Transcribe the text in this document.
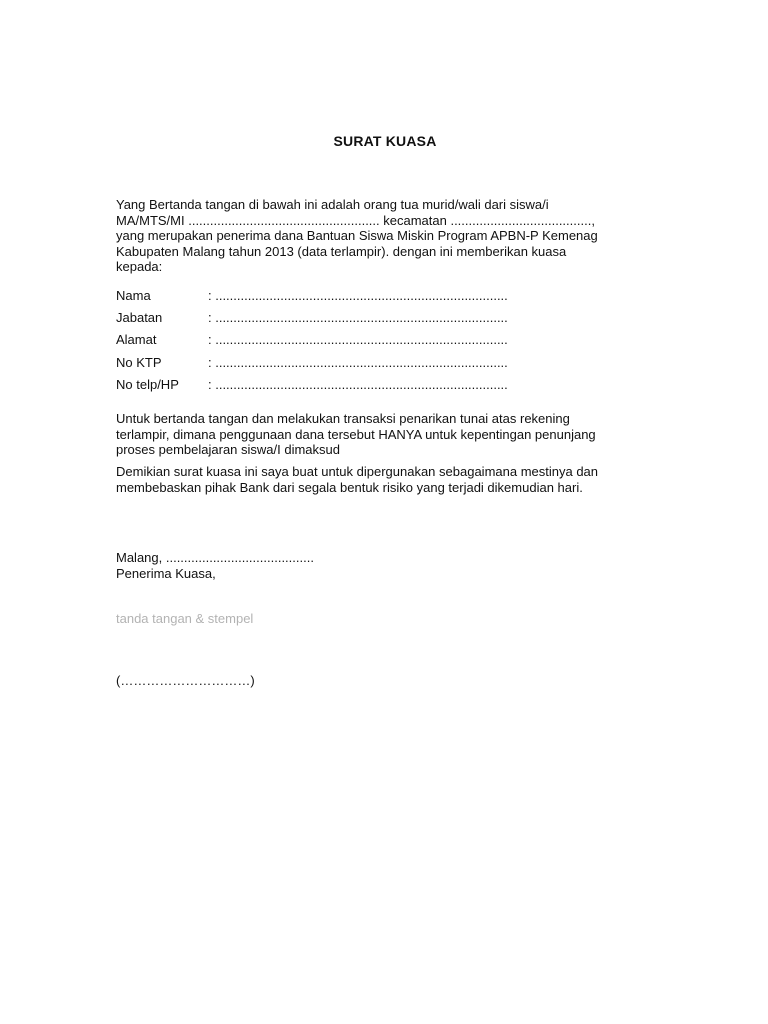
SURAT KUASA
Yang Bertanda tangan di bawah ini adalah orang tua murid/wali dari siswa/i
MA/MTS/MI ..................................................... kecamatan .......................................,
yang merupakan penerima dana Bantuan Siswa Miskin Program APBN-P Kemenag
Kabupaten Malang tahun 2013 (data terlampir). dengan ini memberikan kuasa
kepada:
Nama	: .................................................................................
Jabatan	: .................................................................................
Alamat	: .................................................................................
No KTP	: .................................................................................
No telp/HP	: .................................................................................
Untuk bertanda tangan dan melakukan transaksi penarikan tunai atas rekening
terlampir, dimana penggunaan dana tersebut HANYA untuk kepentingan penunjang
proses pembelajaran siswa/I dimaksud
Demikian surat kuasa ini saya buat untuk dipergunakan sebagaimana mestinya dan
membebaskan pihak Bank dari segala bentuk risiko yang terjadi dikemudian hari.
Malang, .........................................
Penerima Kuasa,
tanda tangan & stempel
(…………………………)
